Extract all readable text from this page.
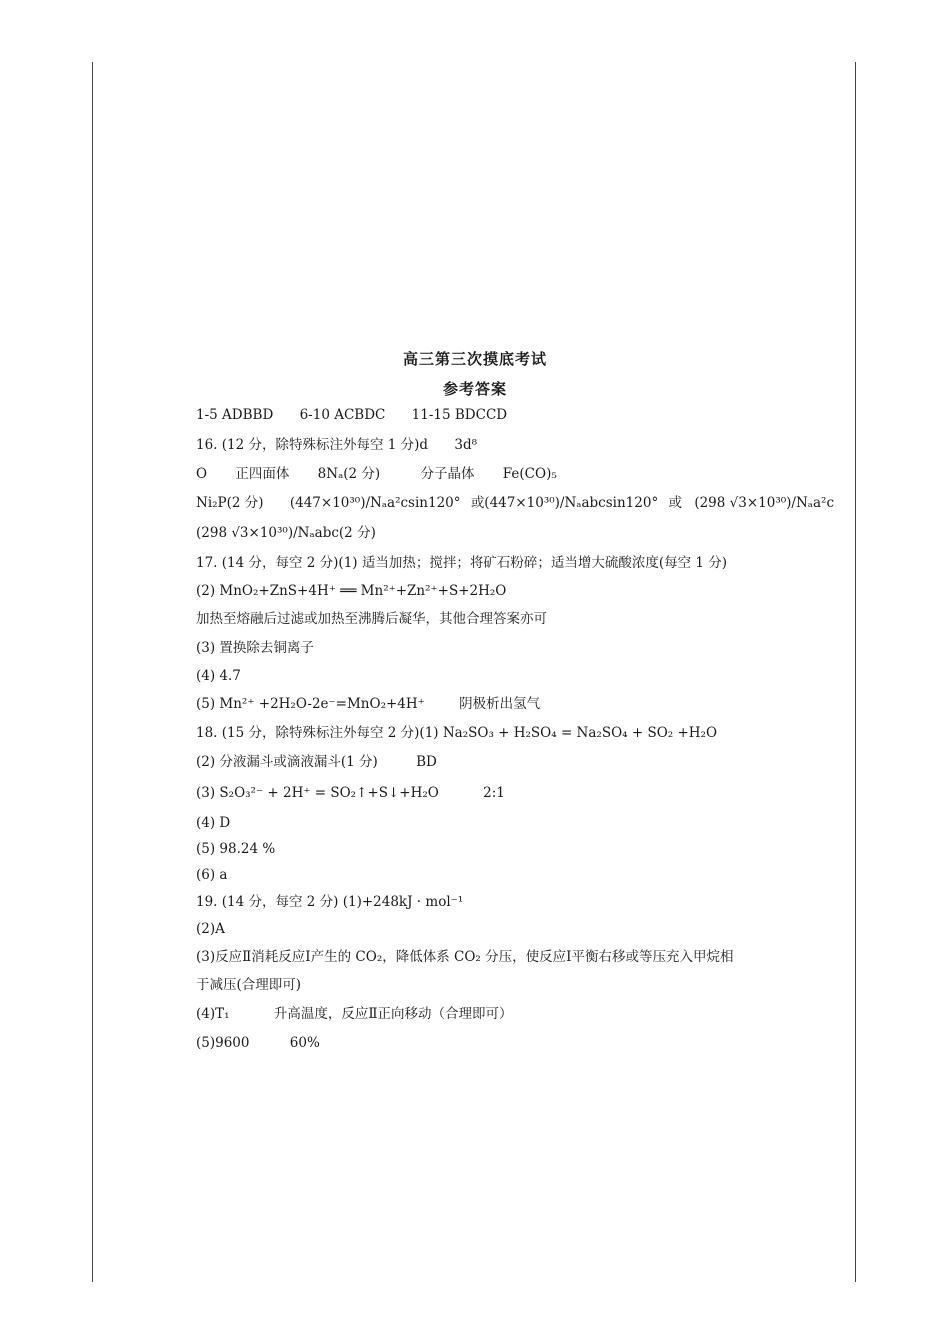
高三第三次摸底考试
参考答案
1-5 ADBBD 6-10 ACBDC 11-15 BDCCD
16. (12 分，除特殊标注外每空 1 分)d 3d⁸
O 正四面体 8Nₐ(2 分)	分子晶体 Fe(CO)₅
Ni₂P(2 分) (447×10³⁰)/Nₐa²csin120° 或(447×10³⁰)/Nₐabcsin120° 或 (298 √3×10³⁰)/Nₐa²c
(298 √3×10³⁰)/Nₐabc(2 分)
17. (14 分，每空 2 分)(1) 适当加热；搅拌；将矿石粉碎；适当增大硫酸浓度(每空 1 分)
(2) MnO₂+ZnS+4H⁺ ══ Mn²⁺+Zn²⁺+S+2H₂O
加热至熔融后过滤或加热至沸腾后凝华，其他合理答案亦可
(3) 置换除去铜离子
(4) 4.7
(5) Mn²⁺ +2H₂O-2e⁻=MnO₂+4H⁺	阴极析出氢气
18. (15 分，除特殊标注外每空 2 分)(1) Na₂SO₃ + H₂SO₄ = Na₂SO₄ + SO₂ +H₂O
(2) 分液漏斗或滴液漏斗(1 分)	BD
(3) S₂O₃²⁻ + 2H⁺ = SO₂↑+S↓+H₂O	2:1
(4) D
(5) 98.24 %
(6) a
19. (14 分，每空 2 分) (1)+248kJ · mol⁻¹
(2)A
(3)反应Ⅱ消耗反应Ⅰ产生的 CO₂，降低体系 CO₂ 分压，使反应Ⅰ平衡右移或等压充入甲烷相
于减压(合理即可)
(4)T₁	升高温度，反应Ⅱ正向移动（合理即可）
(5)9600	60%
